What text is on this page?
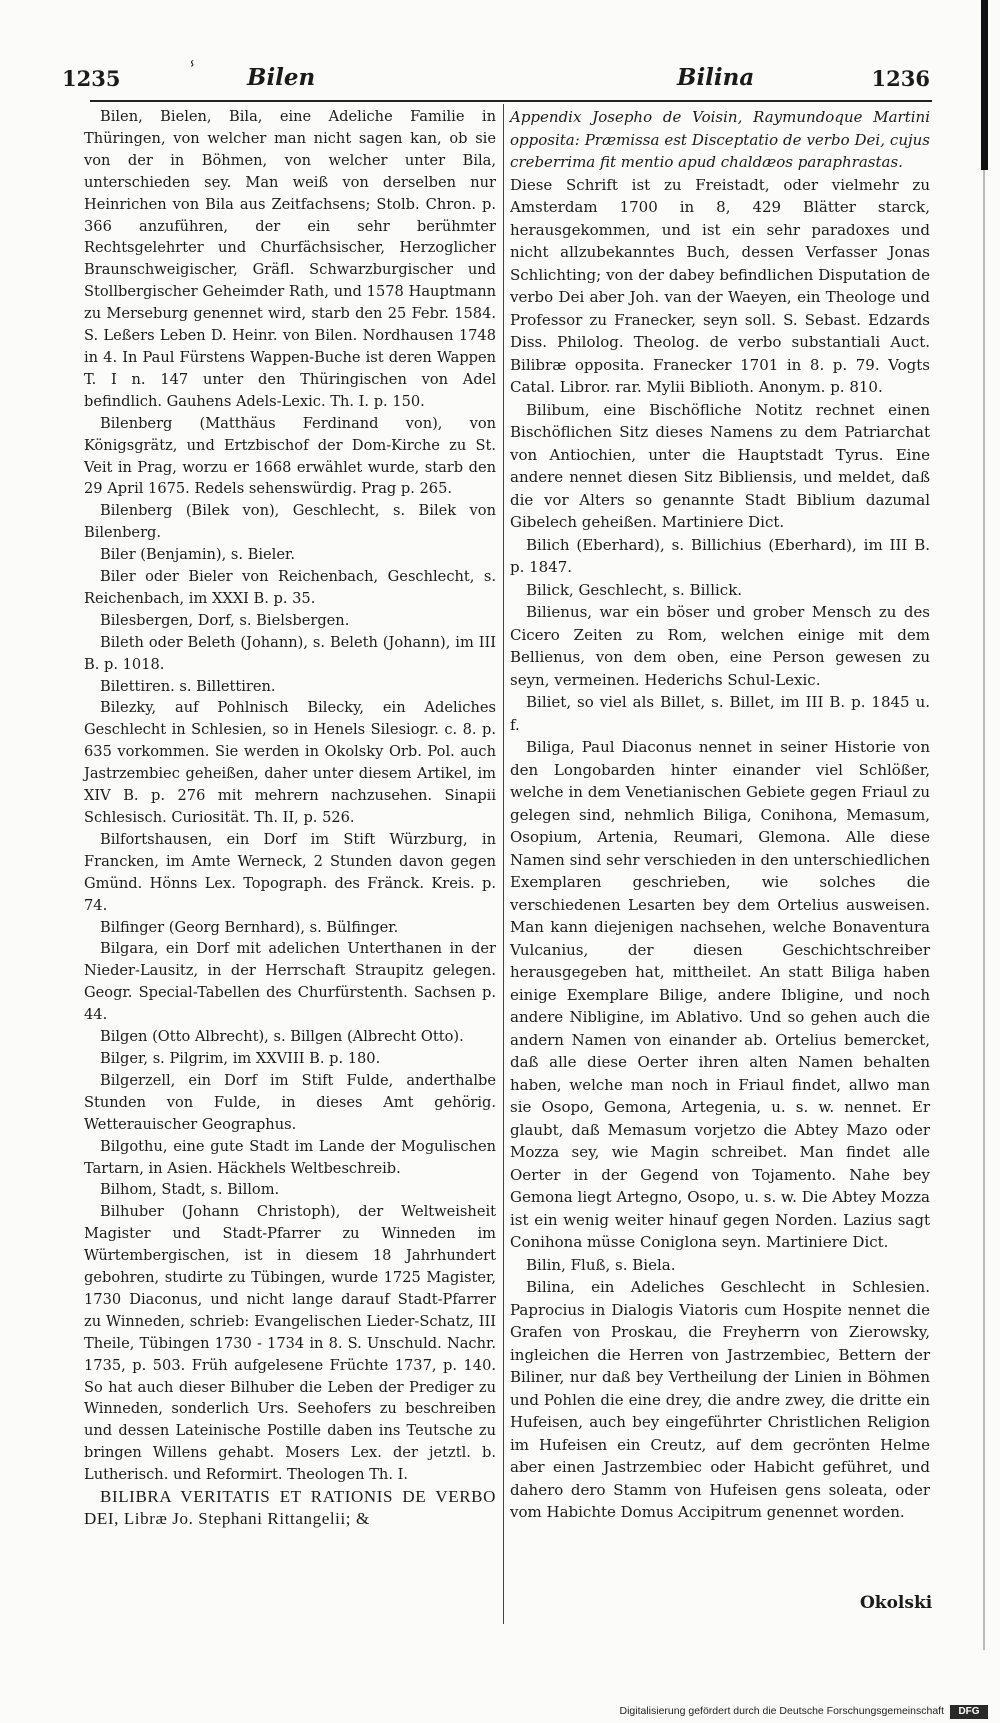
1235	ⸯ Bilen	Bilina	1236

Bilen, Bielen, Bila, eine Adeliche Familie in Thüringen, von welcher man nicht sagen kan, ob sie von der in Böhmen, von welcher unter Bila, unterschieden sey. Man weiß von derselben nur Heinrichen von Bila aus Zeitfachsens; Stolb. Chron. p. 366 anzuführen, der ein sehr berühmter Rechtsgelehrter und Churfächsischer, Herzoglicher Braunschweigischer, Gräfl. Schwarzburgischer und Stollbergischer Geheimder Rath, und 1578 Hauptmann zu Merseburg genennet wird, starb den 25 Febr. 1584. S. Leßers Leben D. Heinr. von Bilen. Nordhausen 1748 in 4. In Paul Fürstens Wappen-Buche ist deren Wappen T. I n. 147 unter den Thüringischen von Adel befindlich. Gauhens Adels-Lexic. Th. I. p. 150.

Bilenberg (Matthäus Ferdinand von), von Königsgrätz, und Ertzbischof der Dom-Kirche zu St. Veit in Prag, worzu er 1668 erwählet wurde, starb den 29 April 1675. Redels sehenswürdig. Prag p. 265.

Bilenberg (Bilek von), Geschlecht, s. Bilek von Bilenberg.

Biler (Benjamin), s. Bieler.

Biler oder Bieler von Reichenbach, Geschlecht, s. Reichenbach, im XXXI B. p. 35.

Bilesbergen, Dorf, s. Bielsbergen.

Bileth oder Beleth (Johann), s. Beleth (Johann), im III B. p. 1018.

Bilettiren. s. Billettiren.

Bilezky, auf Pohlnisch Bilecky, ein Adeliches Geschlecht in Schlesien, so in Henels Silesiogr. c. 8. p. 635 vorkommen. Sie werden in Okolsky Orb. Pol. auch Jastrzembiec geheißen, daher unter diesem Artikel, im XIV B. p. 276 mit mehrern nachzusehen. Sinapii Schlesisch. Curiosität. Th. II, p. 526.

Bilfortshausen, ein Dorf im Stift Würzburg, in Francken, im Amte Werneck, 2 Stunden davon gegen Gmünd. Hönns Lex. Topograph. des Fränck. Kreis. p. 74.

Bilfinger (Georg Bernhard), s. Bülfinger.

Bilgara, ein Dorf mit adelichen Unterthanen in der Nieder-Lausitz, in der Herrschaft Straupitz gelegen. Geogr. Special-Tabellen des Churfürstenth. Sachsen p. 44.

Bilgen (Otto Albrecht), s. Billgen (Albrecht Otto).

Bilger, s. Pilgrim, im XXVIII B. p. 180.

Bilgerzell, ein Dorf im Stift Fulde, anderthalbe Stunden von Fulde, in dieses Amt gehörig. Wetterauischer Geographus.

Bilgothu, eine gute Stadt im Lande der Mogulischen Tartarn, in Asien. Häckhels Weltbeschreib.

Bilhom, Stadt, s. Billom.

Bilhuber (Johann Christoph), der Weltweisheit Magister und Stadt-Pfarrer zu Winneden im Würtembergischen, ist in diesem 18 Jahrhundert gebohren, studirte zu Tübingen, wurde 1725 Magister, 1730 Diaconus, und nicht lange darauf Stadt-Pfarrer zu Winneden, schrieb: Evangelischen Lieder-Schatz, III Theile, Tübingen 1730 - 1734 in 8. S. Unschuld. Nachr. 1735, p. 503. Früh aufgelesene Früchte 1737, p. 140. So hat auch dieser Bilhuber die Leben der Prediger zu Winneden, sonderlich Urs. Seehofers zu beschreiben und dessen Lateinische Postille daben ins Teutsche zu bringen Willens gehabt. Mosers Lex. der jetztl. b. Lutherisch. und Reformirt. Theologen Th. I.

BILIBRA VERITATIS ET RATIONIS DE VERBO DEI, Libræ Jo. Stephani Rittangelii; &

Appendix Josepho de Voisin, Raymundoque Martini opposita: Præmissa est Disceptatio de verbo Dei, cujus creberrima fit mentio apud chaldæos paraphrastas.

Diese Schrift ist zu Freistadt, oder vielmehr zu Amsterdam 1700 in 8, 429 Blätter starck, herausgekommen, und ist ein sehr paradoxes und nicht allzubekanntes Buch, dessen Verfasser Jonas Schlichting; von der dabey befindlichen Disputation de verbo Dei aber Joh. van der Waeyen, ein Theologe und Professor zu Franecker, seyn soll. S. Sebast. Edzards Diss. Philolog. Theolog. de verbo substantiali Auct. Bilibræ opposita. Franecker 1701 in 8. p. 79. Vogts Catal. Libror. rar. Mylii Biblioth. Anonym. p. 810.

Bilibum, eine Bischöfliche Notitz rechnet einen Bischöflichen Sitz dieses Namens zu dem Patriarchat von Antiochien, unter die Hauptstadt Tyrus. Eine andere nennet diesen Sitz Bibliensis, und meldet, daß die vor Alters so genannte Stadt Biblium dazumal Gibelech geheißen. Martiniere Dict.

Bilich (Eberhard), s. Billichius (Eberhard), im III B. p. 1847.

Bilick, Geschlecht, s. Billick.

Bilienus, war ein böser und grober Mensch zu des Cicero Zeiten zu Rom, welchen einige mit dem Bellienus, von dem oben, eine Person gewesen zu seyn, vermeinen. Hederichs Schul-Lexic.

Biliet, so viel als Billet, s. Billet, im III B. p. 1845 u. f.

Biliga, Paul Diaconus nennet in seiner Historie von den Longobarden hinter einander viel Schlößer, welche in dem Venetianischen Gebiete gegen Friaul zu gelegen sind, nehmlich Biliga, Conihona, Memasum, Osopium, Artenia, Reumari, Glemona. Alle diese Namen sind sehr verschieden in den unterschiedlichen Exemplaren geschrieben, wie solches die verschiedenen Lesarten bey dem Ortelius ausweisen. Man kann diejenigen nachsehen, welche Bonaventura Vulcanius, der diesen Geschichtschreiber herausgegeben hat, mittheilet. An statt Biliga haben einige Exemplare Bilige, andere Ibligine, und noch andere Nibligine, im Ablativo. Und so gehen auch die andern Namen von einander ab. Ortelius bemercket, daß alle diese Oerter ihren alten Namen behalten haben, welche man noch in Friaul findet, allwo man sie Osopo, Gemona, Artegenia, u. s. w. nennet. Er glaubt, daß Memasum vorjetzo die Abtey Mazo oder Mozza sey, wie Magin schreibet. Man findet alle Oerter in der Gegend von Tojamento. Nahe bey Gemona liegt Artegno, Osopo, u. s. w. Die Abtey Mozza ist ein wenig weiter hinauf gegen Norden. Lazius sagt Conihona müsse Coniglona seyn. Martiniere Dict.

Bilin, Fluß, s. Biela.

Bilina, ein Adeliches Geschlecht in Schlesien. Paprocius in Dialogis Viatoris cum Hospite nennet die Grafen von Proskau, die Freyherrn von Zierowsky, ingleichen die Herren von Jastrzembiec, Bettern der Biliner, nur daß bey Vertheilung der Linien in Böhmen und Pohlen die eine drey, die andre zwey, die dritte ein Hufeisen, auch bey eingeführter Christlichen Religion im Hufeisen ein Creutz, auf dem gecrönten Helme aber einen Jastrzembiec oder Habicht geführet, und dahero dero Stamm von Hufeisen gens soleata, oder vom Habichte Domus Accipitrum genennet worden.

Okolski
Digitalisierung gefördert durch die Deutsche Forschungsgemeinschaft	DFG
